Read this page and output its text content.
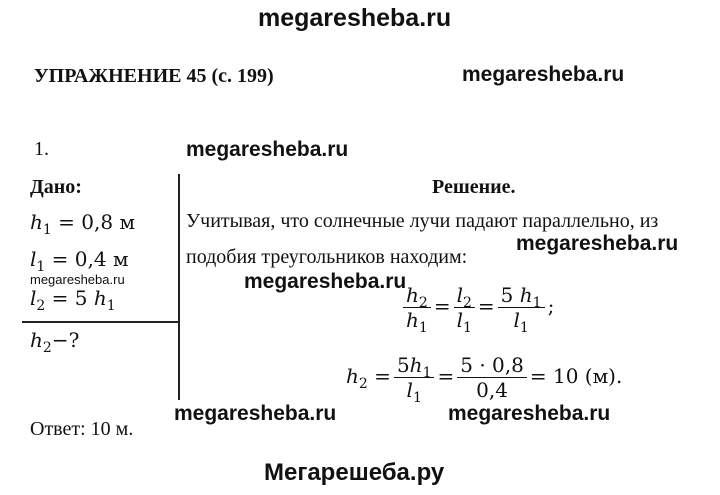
megaresheba.ru
megaresheba.ru
megaresheba.ru
megaresheba.ru
megaresheba.ru	megaresheba.ru
megaresheba.ru	megaresheba.ru
УПРАЖНЕНИЕ 45 (с. 199)
1.
Дано:
$h_1 = 0,8$ м
$l_1 = 0,4$ м
$l_2 = 5$ $h_1$
$h_2-$?
Решение.
Учитывая, что солнечные лучи падают параллельно, из
подобия треугольников находим:
$\frac{h_2}{h_1} = \frac{l_2}{l_1} = \frac{5 h_1}{l_1}$ ;
$h_2 = \frac{5h_1}{l_1} = \frac{5 \cdot 0,8}{0,4} = 10$ (м).
Ответ: 10 м.
Мегарешеба.ру
